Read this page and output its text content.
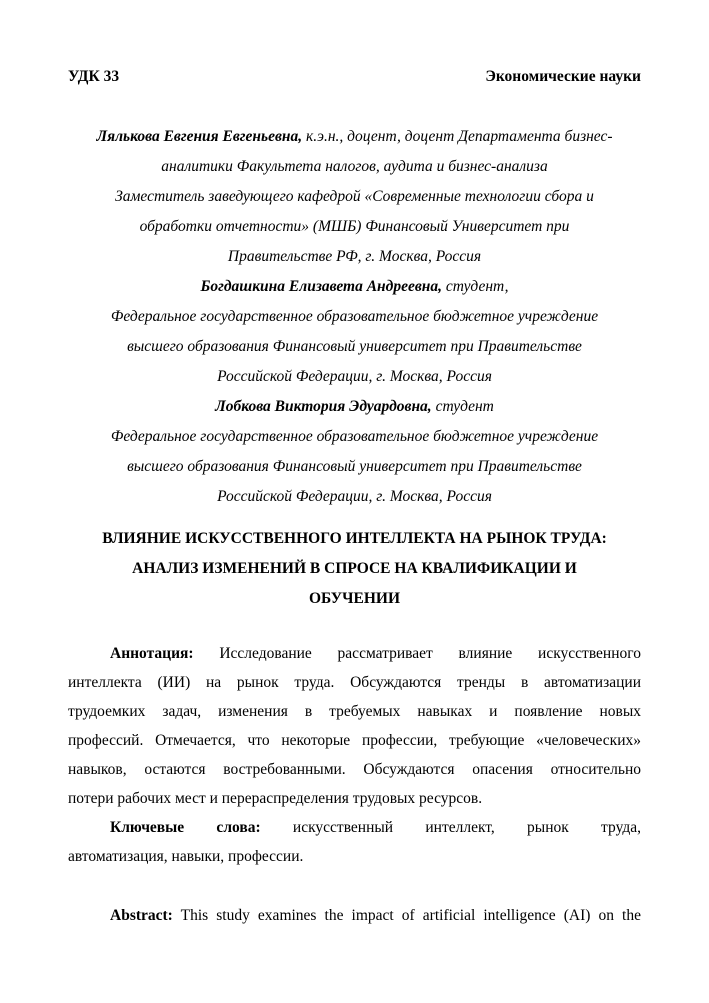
УДК 33	Экономические науки
Лялькова Евгения Евгеньевна, к.э.н., доцент, доцент Департамента бизнес-
аналитики Факультета налогов, аудита и бизнес-анализа
Заместитель заведующего кафедрой «Современные технологии сбора и
обработки отчетности» (МШБ) Финансовый Университет при
Правительстве РФ, г. Москва, Россия
Богдашкина Елизавета Андреевна, студент,
Федеральное государственное образовательное бюджетное учреждение
высшего образования Финансовый университет при Правительстве
Российской Федерации, г. Москва, Россия
Лобкова Виктория Эдуардовна, студент
Федеральное государственное образовательное бюджетное учреждение
высшего образования Финансовый университет при Правительстве
Российской Федерации, г. Москва, Россия
ВЛИЯНИЕ ИСКУССТВЕННОГО ИНТЕЛЛЕКТА НА РЫНОК ТРУДА:
АНАЛИЗ ИЗМЕНЕНИЙ В СПРОСЕ НА КВАЛИФИКАЦИИ И
ОБУЧЕНИИ
Аннотация: Исследование рассматривает влияние искусственного
интеллекта (ИИ) на рынок труда. Обсуждаются тренды в автоматизации
трудоемких задач, изменения в требуемых навыках и появление новых
профессий. Отмечается, что некоторые профессии, требующие «человеческих»
навыков, остаются востребованными. Обсуждаются опасения относительно
потери рабочих мест и перераспределения трудовых ресурсов.
Ключевые слова: искусственный интеллект, рынок труда,
автоматизация, навыки, профессии.
Abstract: This study examines the impact of artificial intelligence (AI) on the
